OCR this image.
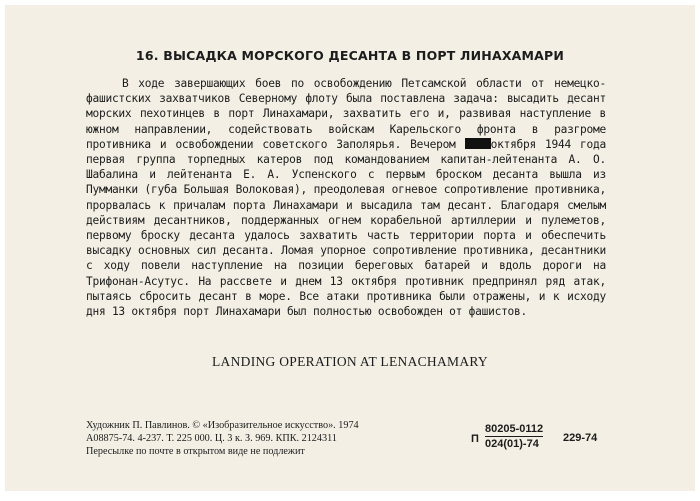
16. ВЫСАДКА МОРСКОГО ДЕСАНТА В ПОРТ ЛИНАХАМАРИ
В ходе завершающих боев по освобождению Петсамской области от немецко-фашистских захватчиков Северному флоту была поставлена задача: высадить десант морских пехотинцев в порт Линахамари, захватить его и, развивая наступление в южном направлении, содействовать войскам Карельского фронта в разгроме противника и освобождении советского Заполярья. Вечером октября 1944 года первая группа торпедных катеров под командованием капитан-лейтенанта А. О. Шабалина и лейтенанта Е. А. Успенского с первым броском десанта вышла из Пумманки (губа Большая Волоковая), преодолевая огневое сопротивление противника, прорвалась к причалам порта Линахамари и высадила там десант. Благодаря смелым действиям десантников, поддержанных огнем корабельной артиллерии и пулеметов, первому броску десанта удалось захватить часть территории порта и обеспечить высадку основных сил десанта. Ломая упорное сопротивление противника, десантники с ходу повели наступление на позиции береговых батарей и вдоль дороги на Трифонан-Асутус. На рассвете и днем 13 октября противник предпринял ряд атак, пытаясь сбросить десант в море. Все атаки противника были отражены, и к исходу дня 13 октября порт Линахамари был полностью освобожден от фашистов.
LANDING OPERATION AT LENACHAMARY
Художник П. Павлинов. © «Изобразительное искусство». 1974
А08875-74. 4-237. Т. 225 000. Ц. 3 к. З. 969. КПК. 2124311
Пересылке по почте в открытом виде не подлежит
П $\frac{80205-0112}{024(01)-74} 229-74$
